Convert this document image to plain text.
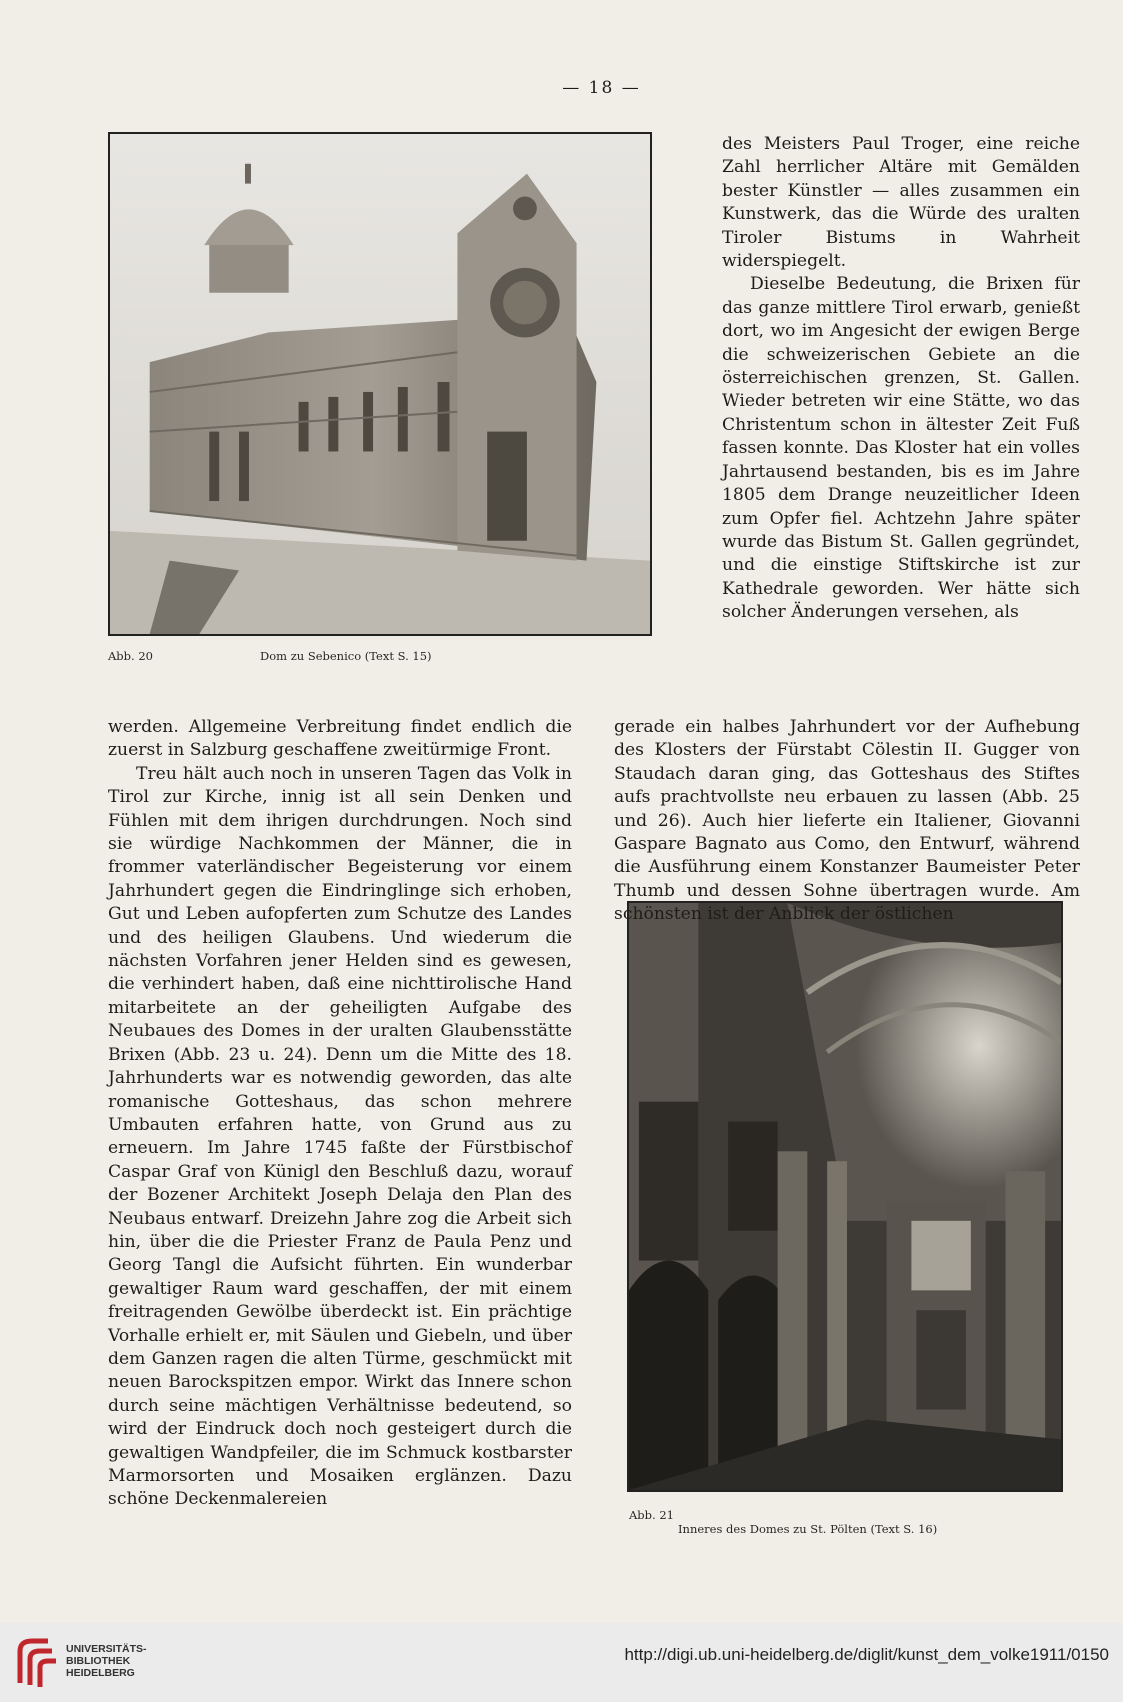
— 18 —
Abb. 20	Dom zu Sebenico (Text S. 15)

des Meisters Paul Troger, eine reiche Zahl herrlicher Altäre mit Gemälden bester Künstler — alles zusammen ein Kunstwerk, das die Würde des uralten Tiroler Bistums in Wahrheit widerspiegelt.

Dieselbe Bedeutung, die Brixen für das ganze mittlere Tirol erwarb, genießt dort, wo im Angesicht der ewigen Berge die schweizerischen Gebiete an die österreichischen grenzen, St. Gallen. Wieder betreten wir eine Stätte, wo das Christentum schon in ältester Zeit Fuß fassen konnte. Das Kloster hat ein volles Jahrtausend bestanden, bis es im Jahre 1805 dem Drange neuzeitlicher Ideen zum Opfer fiel. Achtzehn Jahre später wurde das Bistum St. Gallen gegründet, und die einstige Stiftskirche ist zur Kathedrale geworden. Wer hätte sich solcher Änderungen versehen, als

werden. Allgemeine Verbreitung findet endlich die zuerst in Salzburg geschaffene zweitürmige Front.

Treu hält auch noch in unseren Tagen das Volk in Tirol zur Kirche, innig ist all sein Denken und Fühlen mit dem ihrigen durchdrungen. Noch sind sie würdige Nachkommen der Männer, die in frommer vaterländischer Begeisterung vor einem Jahrhundert gegen die Eindringlinge sich erhoben, Gut und Leben aufopferten zum Schutze des Landes und des heiligen Glaubens. Und wiederum die nächsten Vorfahren jener Helden sind es gewesen, die verhindert haben, daß eine nichttirolische Hand mitarbeitete an der geheiligten Aufgabe des Neubaues des Domes in der uralten Glaubensstätte Brixen (Abb. 23 u. 24). Denn um die Mitte des 18. Jahrhunderts war es notwendig geworden, das alte romanische Gotteshaus, das schon mehrere Umbauten erfahren hatte, von Grund aus zu erneuern. Im Jahre 1745 faßte der Fürstbischof Caspar Graf von Künigl den Beschluß dazu, worauf der Bozener Architekt Joseph Delaja den Plan des Neubaus entwarf. Dreizehn Jahre zog die Arbeit sich hin, über die die Priester Franz de Paula Penz und Georg Tangl die Aufsicht führten. Ein wunderbar gewaltiger Raum ward geschaffen, der mit einem freitragenden Gewölbe überdeckt ist. Ein prächtige Vorhalle erhielt er, mit Säulen und Giebeln, und über dem Ganzen ragen die alten Türme, geschmückt mit neuen Barockspitzen empor. Wirkt das Innere schon durch seine mächtigen Verhältnisse bedeutend, so wird der Eindruck doch noch gesteigert durch die gewaltigen Wandpfeiler, die im Schmuck kostbarster Marmorsorten und Mosaiken erglänzen. Dazu schöne Deckenmalereien

gerade ein halbes Jahrhundert vor der Aufhebung des Klosters der Fürstabt Cölestin II. Gugger von Staudach daran ging, das Gotteshaus des Stiftes aufs prachtvollste neu erbauen zu lassen (Abb. 25 und 26). Auch hier lieferte ein Italiener, Giovanni Gaspare Bagnato aus Como, den Entwurf, während die Ausführung einem Konstanzer Baumeister Peter Thumb und dessen Sohne übertragen wurde. Am schönsten ist der Anblick der östlichen

Abb. 21
Inneres des Domes zu St. Pölten (Text S. 16)
UNIVERSITÄTS-
BIBLIOTHEK
HEIDELBERG
http://digi.ub.uni-heidelberg.de/diglit/kunst_dem_volke1911/0150
